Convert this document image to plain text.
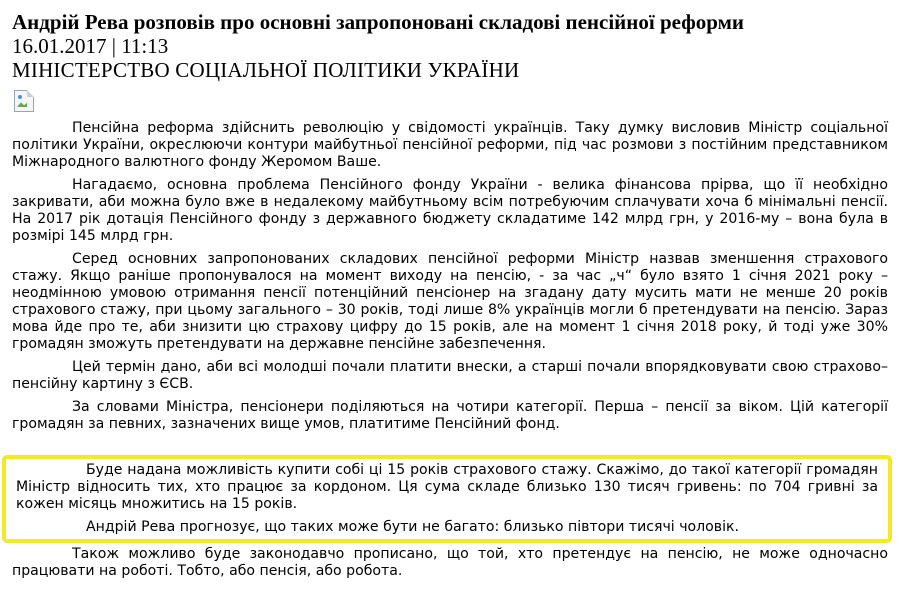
Андрій Рева розповів про основні запропоновані складові пенсійної реформи
16.01.2017 | 11:13
МІНІСТЕРСТВО СОЦІАЛЬНОЇ ПОЛІТИКИ УКРАЇНИ

Пенсійна реформа здійснить революцію у свідомості українців. Таку думку висловив Міністр соціальної політики України, окреслюючи контури майбутньої пенсійної реформи, під час розмови з постійним представником Міжнародного валютного фонду Жеромом Ваше.

Нагадаємо, основна проблема Пенсійного фонду України - велика фінансова прірва, що її необхідно закривати, аби можна було вже в недалекому майбутньому всім потребуючим сплачувати хоча б мінімальні пенсії. На 2017 рік дотація Пенсійного фонду з державного бюджету складатиме 142 млрд грн, у 2016-му – вона була в розмірі 145 млрд грн.

Серед основних запропонованих складових пенсійної реформи Міністр назвав зменшення страхового стажу. Якщо раніше пропонувалося на момент виходу на пенсію, - за час „ч“ було взято 1 січня 2021 року – неодмінною умовою отримання пенсії потенційний пенсіонер на згадану дату мусить мати не менше 20 років страхового стажу, при цьому загального – 30 років, тоді лише 8% українців могли б претендувати на пенсію. Зараз мова йде про те, аби знизити цю страхову цифру до 15 років, але на момент 1 січня 2018 року, й тоді уже 30% громадян зможуть претендувати на державне пенсійне забезпечення.

Цей термін дано, аби всі молодші почали платити внески, а старші почали впорядковувати свою страхово–пенсійну картину з ЄСВ.

За словами Міністра, пенсіонери поділяються на чотири категорії. Перша – пенсії за віком. Цій категорії громадян за певних, зазначених вище умов, платитиме Пенсійний фонд.

Буде надана можливість купити собі ці 15 років страхового стажу. Скажімо, до такої категорії громадян Міністр відносить тих, хто працює за кордоном. Ця сума складе близько 130 тисяч гривень: по 704 гривні за кожен місяць множитись на 15 років.

Андрій Рева прогнозує, що таких може бути не багато: близько півтори тисячі чоловік.

Також можливо буде законодавчо прописано, що той, хто претендує на пенсію, не може одночасно працювати на роботі. Тобто, або пенсія, або робота.
